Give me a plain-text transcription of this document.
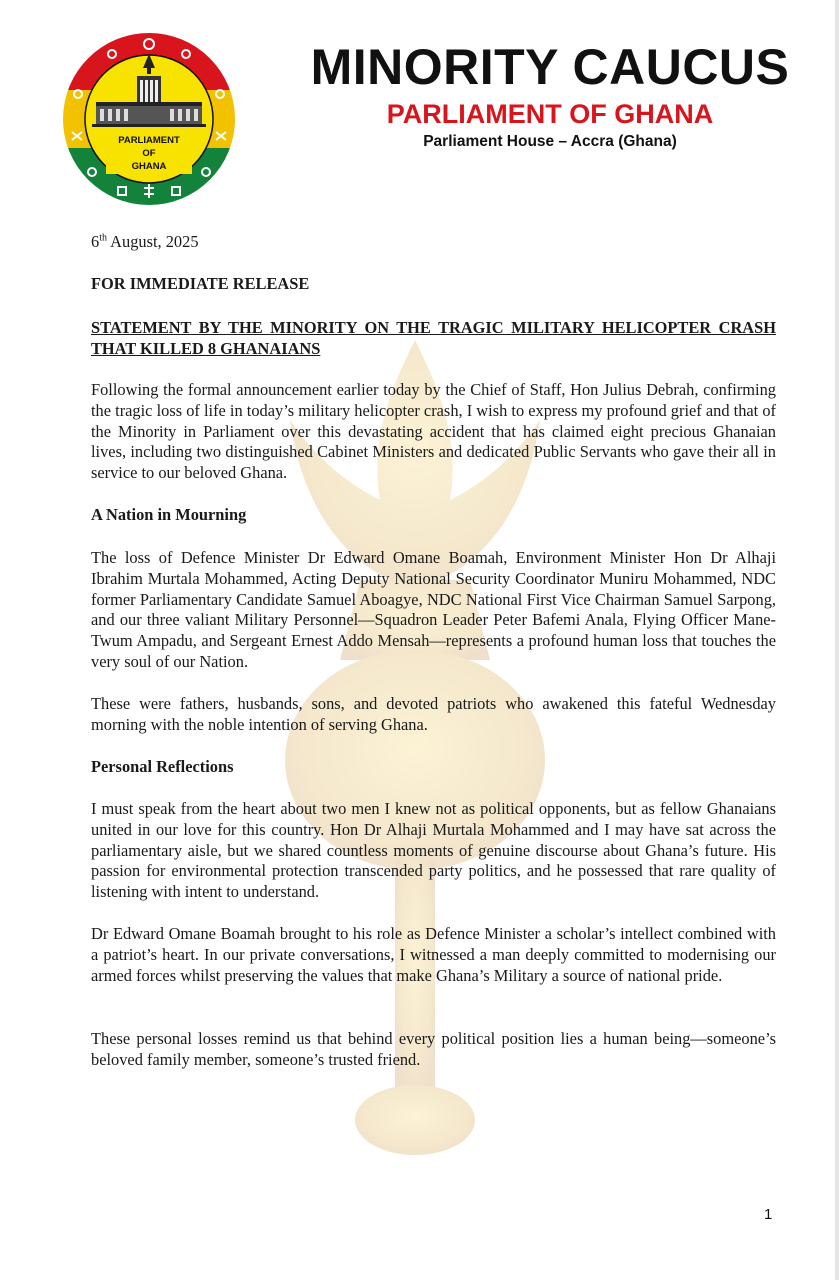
PARLIAMENT
OF
GHANA
MINORITY CAUCUS
PARLIAMENT OF GHANA
Parliament House – Accra (Ghana)
6th August, 2025
FOR IMMEDIATE RELEASE
STATEMENT BY THE MINORITY ON THE TRAGIC MILITARY HELICOPTER CRASH THAT KILLED 8 GHANAIANS
Following the formal announcement earlier today by the Chief of Staff, Hon Julius Debrah, confirming the tragic loss of life in today’s military helicopter crash, I wish to express my profound grief and that of the Minority in Parliament over this devastating accident that has claimed eight precious Ghanaian lives, including two distinguished Cabinet Ministers and dedicated Public Servants who gave their all in service to our beloved Ghana.
A Nation in Mourning
The loss of Defence Minister Dr Edward Omane Boamah, Environment Minister Hon Dr Alhaji Ibrahim Murtala Mohammed, Acting Deputy National Security Coordinator Muniru Mohammed, NDC former Parliamentary Candidate Samuel Aboagye, NDC National First Vice Chairman Samuel Sarpong, and our three valiant Military Personnel—Squadron Leader Peter Bafemi Anala, Flying Officer Mane-Twum Ampadu, and Sergeant Ernest Addo Mensah—represents a profound human loss that touches the very soul of our Nation.
These were fathers, husbands, sons, and devoted patriots who awakened this fateful Wednesday morning with the noble intention of serving Ghana.
Personal Reflections
I must speak from the heart about two men I knew not as political opponents, but as fellow Ghanaians united in our love for this country. Hon Dr Alhaji Murtala Mohammed and I may have sat across the parliamentary aisle, but we shared countless moments of genuine discourse about Ghana’s future. His passion for environmental protection transcended party politics, and he possessed that rare quality of listening with intent to understand.
Dr Edward Omane Boamah brought to his role as Defence Minister a scholar’s intellect combined with a patriot’s heart. In our private conversations, I witnessed a man deeply committed to modernising our armed forces whilst preserving the values that make Ghana’s Military a source of national pride.
These personal losses remind us that behind every political position lies a human being—someone’s beloved family member, someone’s trusted friend.
1
